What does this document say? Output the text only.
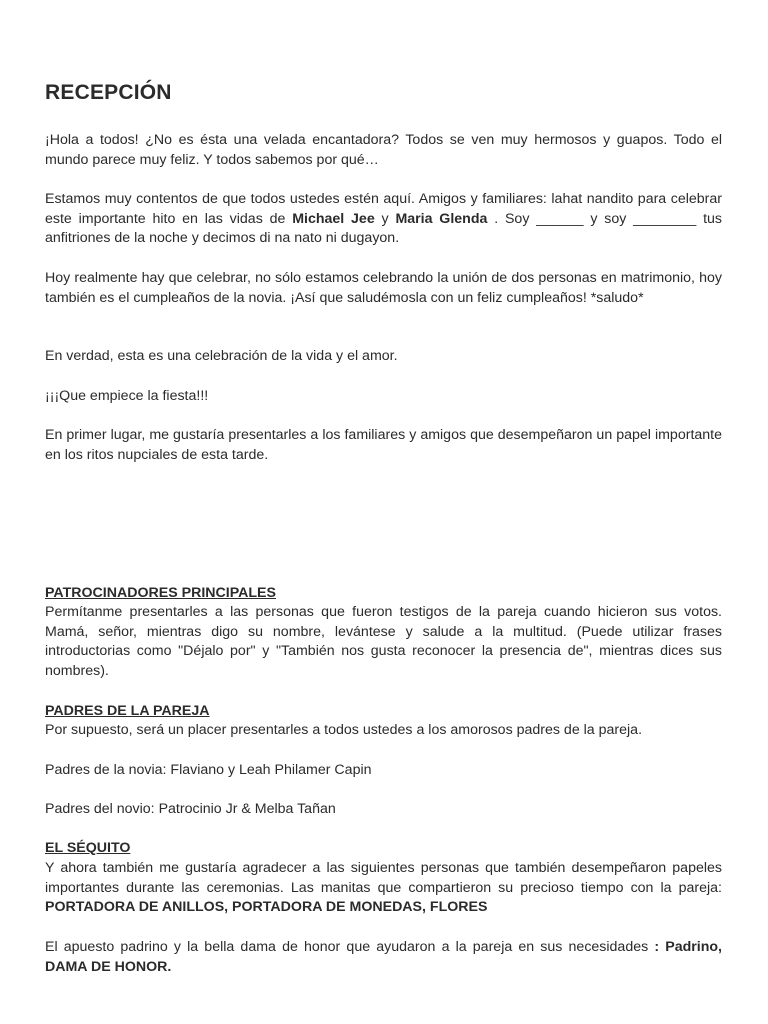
RECEPCIÓN

¡Hola a todos! ¿No es ésta una velada encantadora? Todos se ven muy hermosos y guapos. Todo el mundo parece muy feliz. Y todos sabemos por qué…

Estamos muy contentos de que todos ustedes estén aquí. Amigos y familiares: lahat nandito para celebrar este importante hito en las vidas de Michael Jee y Maria Glenda . Soy ______ y soy ________ tus anfitriones de la noche y decimos di na nato ni dugayon.

Hoy realmente hay que celebrar, no sólo estamos celebrando la unión de dos personas en matrimonio, hoy también es el cumpleaños de la novia. ¡Así que saludémosla con un feliz cumpleaños! *saludo*

En verdad, esta es una celebración de la vida y el amor.

¡¡¡Que empiece la fiesta!!!

En primer lugar, me gustaría presentarles a los familiares y amigos que desempeñaron un papel importante en los ritos nupciales de esta tarde.

PATROCINADORES PRINCIPALES

Permítanme presentarles a las personas que fueron testigos de la pareja cuando hicieron sus votos. Mamá, señor, mientras digo su nombre, levántese y salude a la multitud. (Puede utilizar frases introductorias como "Déjalo por" y "También nos gusta reconocer la presencia de", mientras dices sus nombres).

PADRES DE LA PAREJA

Por supuesto, será un placer presentarles a todos ustedes a los amorosos padres de la pareja.

Padres de la novia: Flaviano y Leah Philamer Capin

Padres del novio: Patrocinio Jr & Melba Tañan

EL SÉQUITO

Y ahora también me gustaría agradecer a las siguientes personas que también desempeñaron papeles importantes durante las ceremonias. Las manitas que compartieron su precioso tiempo con la pareja: PORTADORA DE ANILLOS, PORTADORA DE MONEDAS, FLORES

El apuesto padrino y la bella dama de honor que ayudaron a la pareja en sus necesidades : Padrino, DAMA DE HONOR.
